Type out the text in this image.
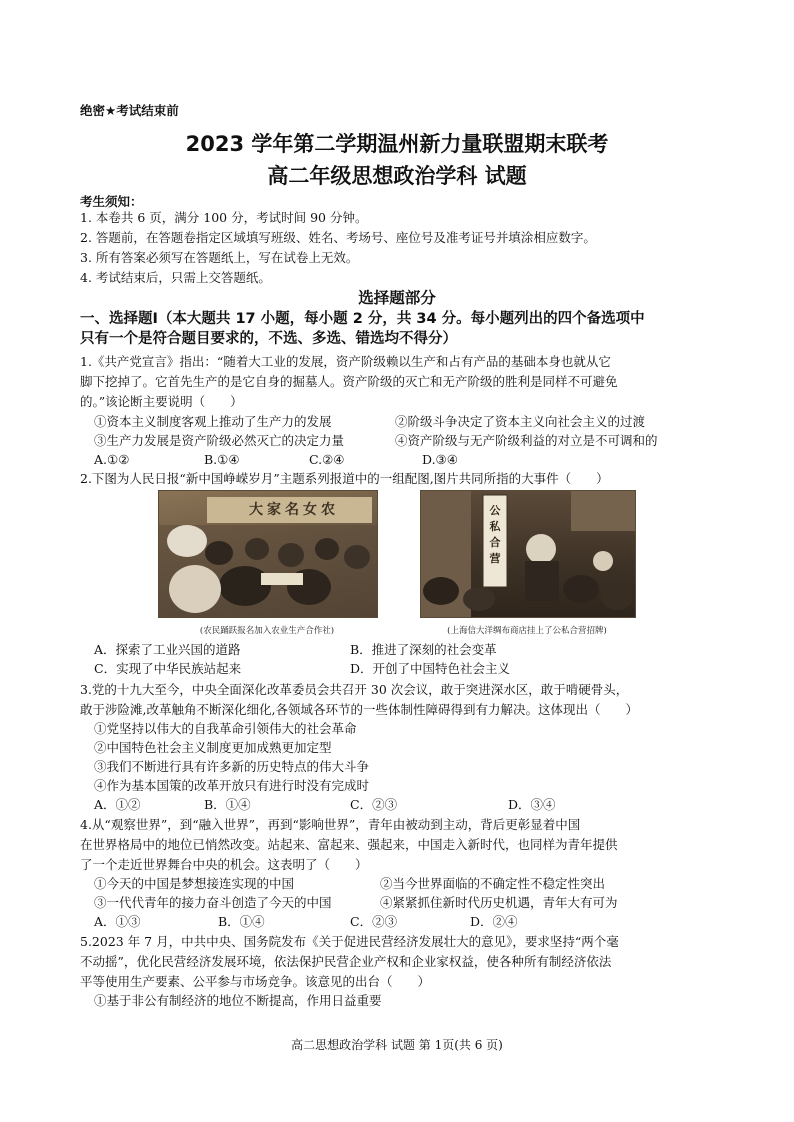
绝密★考试结束前
2023 学年第二学期温州新力量联盟期末联考
高二年级思想政治学科 试题
考生须知：
1. 本卷共 6 页，满分 100 分，考试时间 90 分钟。
2. 答题前，在答题卷指定区域填写班级、姓名、考场号、座位号及准考证号并填涂相应数字。
3. 所有答案必须写在答题纸上，写在试卷上无效。
4. 考试结束后，只需上交答题纸。
选择题部分
一、选择题Ⅰ（本大题共 17 小题，每小题 2 分，共 34 分。每小题列出的四个备选项中
只有一个是符合题目要求的，不选、多选、错选均不得分）
1.《共产党宣言》指出：“随着大工业的发展，资产阶级赖以生产和占有产品的基础本身也就从它
脚下挖掉了。它首先生产的是它自身的掘墓人。资产阶级的灭亡和无产阶级的胜利是同样不可避免
的。”该论断主要说明（　　）
①资本主义制度客观上推动了生产力的发展	②阶级斗争决定了资本主义向社会主义的过渡
③生产力发展是资产阶级必然灭亡的决定力量	④资产阶级与无产阶级利益的对立是不可调和的
A.①②	B.①④	C.②④	D.③④
2.下图为人民日报“新中国峥嵘岁月”主题系列报道中的一组配图,图片共同所指的大事件（　　）
大家名女农
(农民踊跃报名加入农业生产合作社)
公私合营
(上海信大洋绸布商店挂上了公私合营招牌)
A．探索了工业兴国的道路	B．推进了深刻的社会变革
C．实现了中华民族站起来	D．开创了中国特色社会主义
3.党的十九大至今，中央全面深化改革委员会共召开 30 次会议，敢于突进深水区，敢于啃硬骨头，
敢于涉险滩,改革触角不断深化细化,各领域各环节的一些体制性障碍得到有力解决。这体现出（　　）
①党坚持以伟大的自我革命引领伟大的社会革命
②中国特色社会主义制度更加成熟更加定型
③我们不断进行具有许多新的历史特点的伟大斗争
④作为基本国策的改革开放只有进行时没有完成时
A．①②	B．①④	C．②③	D．③④
4.从“观察世界”，到“融入世界”，再到“影响世界”，青年由被动到主动，背后更彰显着中国
在世界格局中的地位已悄然改变。站起来、富起来、强起来，中国走入新时代，也同样为青年提供
了一个走近世界舞台中央的机会。这表明了（　　）
①今天的中国是梦想接连实现的中国	②当今世界面临的不确定性不稳定性突出
③一代代青年的接力奋斗创造了今天的中国	④紧紧抓住新时代历史机遇，青年大有可为
A．①③	B．①④	C．②③	D．②④
5.2023 年 7 月，中共中央、国务院发布《关于促进民营经济发展壮大的意见》，要求坚持“两个毫
不动摇”，优化民营经济发展环境，依法保护民营企业产权和企业家权益，使各种所有制经济依法
平等使用生产要素、公平参与市场竞争。该意见的出台（　　）
①基于非公有制经济的地位不断提高，作用日益重要
高二思想政治学科 试题 第 1页(共 6 页)
